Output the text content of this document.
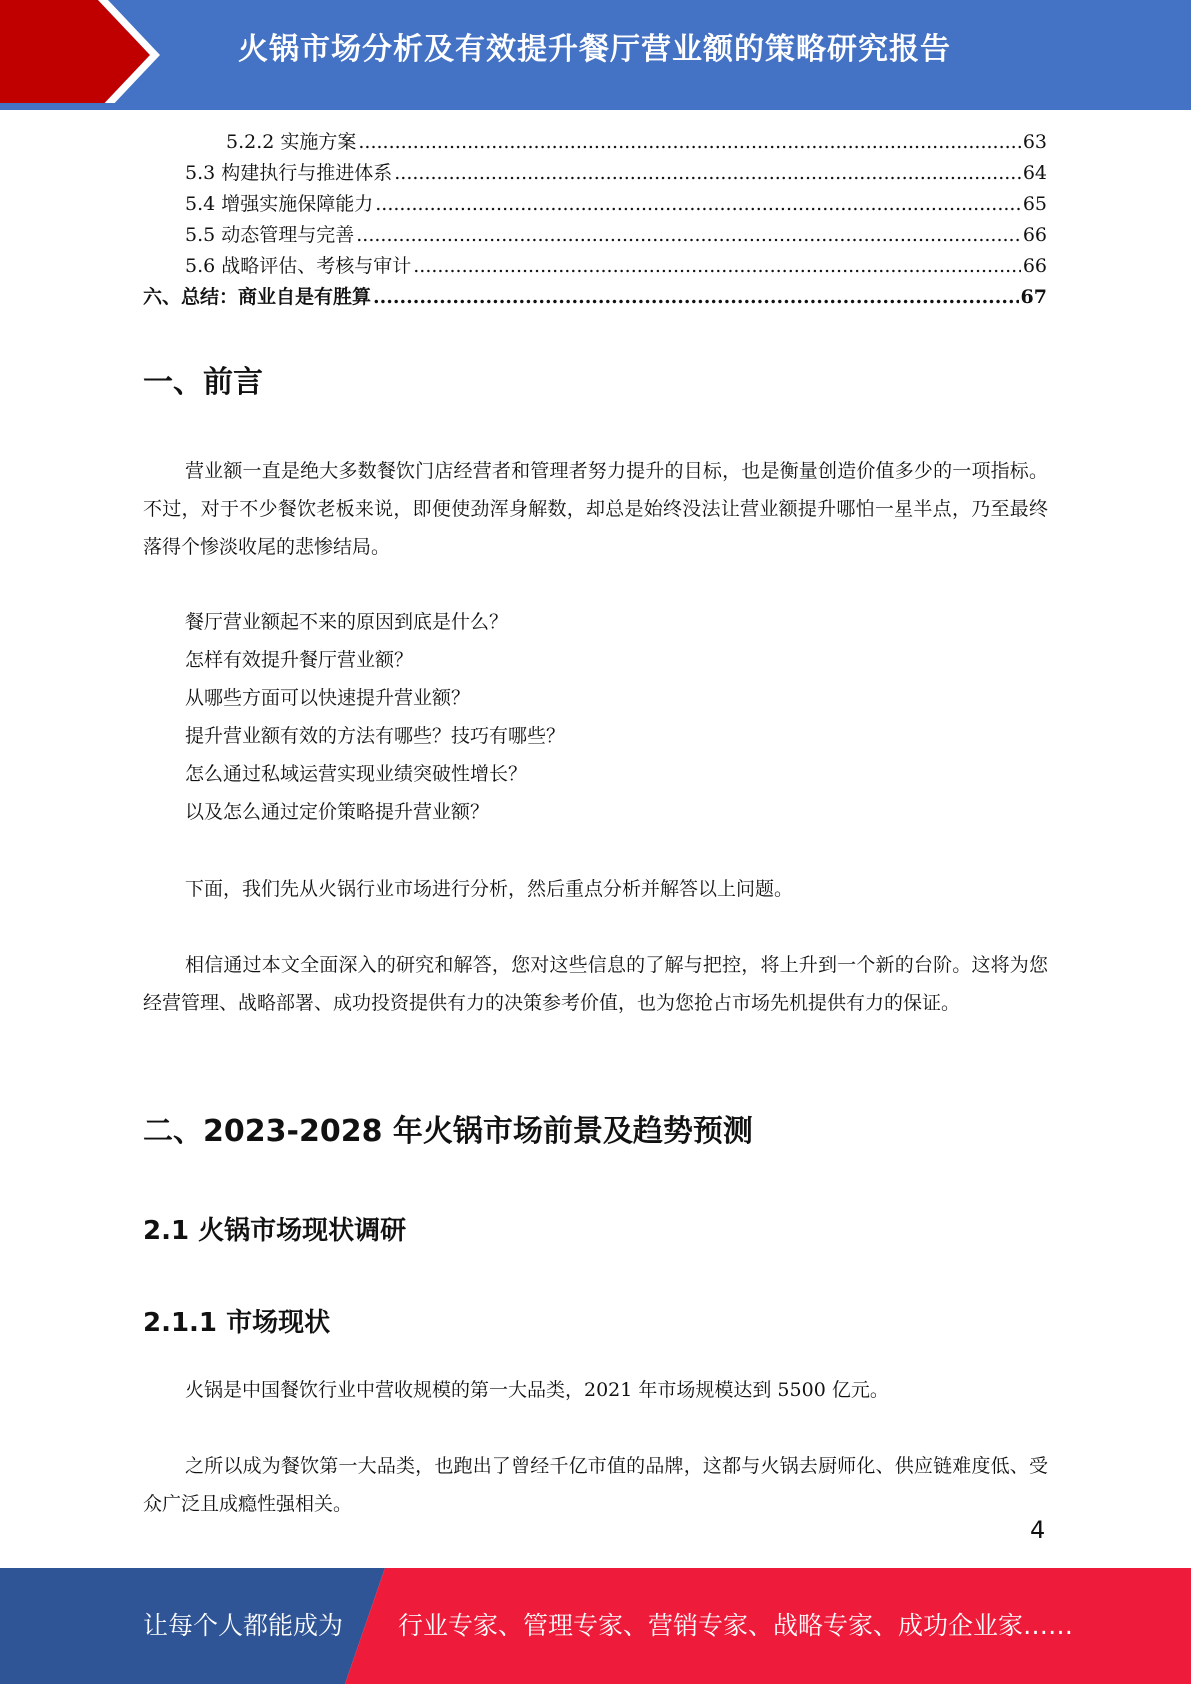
火锅市场分析及有效提升餐厅营业额的策略研究报告
5.2.2 实施方案 .....	63
5.3 构建执行与推进体系 .....	64
5.4 增强实施保障能力 .....	65
5.5 动态管理与完善 .....	66
5.6 战略评估、考核与审计 .....	66
六、总结：商业自是有胜算 .....	67
一、前言
营业额一直是绝大多数餐饮门店经营者和管理者努力提升的目标，也是衡量创造价值多少的一项指标。不过，对于不少餐饮老板来说，即便使劲浑身解数，却总是始终没法让营业额提升哪怕一星半点，乃至最终落得个惨淡收尾的悲惨结局。
餐厅营业额起不来的原因到底是什么？
怎样有效提升餐厅营业额？
从哪些方面可以快速提升营业额？
提升营业额有效的方法有哪些？技巧有哪些？
怎么通过私域运营实现业绩突破性增长？
以及怎么通过定价策略提升营业额？
下面，我们先从火锅行业市场进行分析，然后重点分析并解答以上问题。
相信通过本文全面深入的研究和解答，您对这些信息的了解与把控，将上升到一个新的台阶。这将为您经营管理、战略部署、成功投资提供有力的决策参考价值，也为您抢占市场先机提供有力的保证。
二、2023-2028 年火锅市场前景及趋势预测
2.1 火锅市场现状调研
2.1.1 市场现状
火锅是中国餐饮行业中营收规模的第一大品类，2021 年市场规模达到 5500 亿元。
之所以成为餐饮第一大品类，也跑出了曾经千亿市值的品牌，这都与火锅去厨师化、供应链难度低、受众广泛且成瘾性强相关。
4
让每个人都能成为 行业专家、管理专家、营销专家、战略专家、成功企业家……
